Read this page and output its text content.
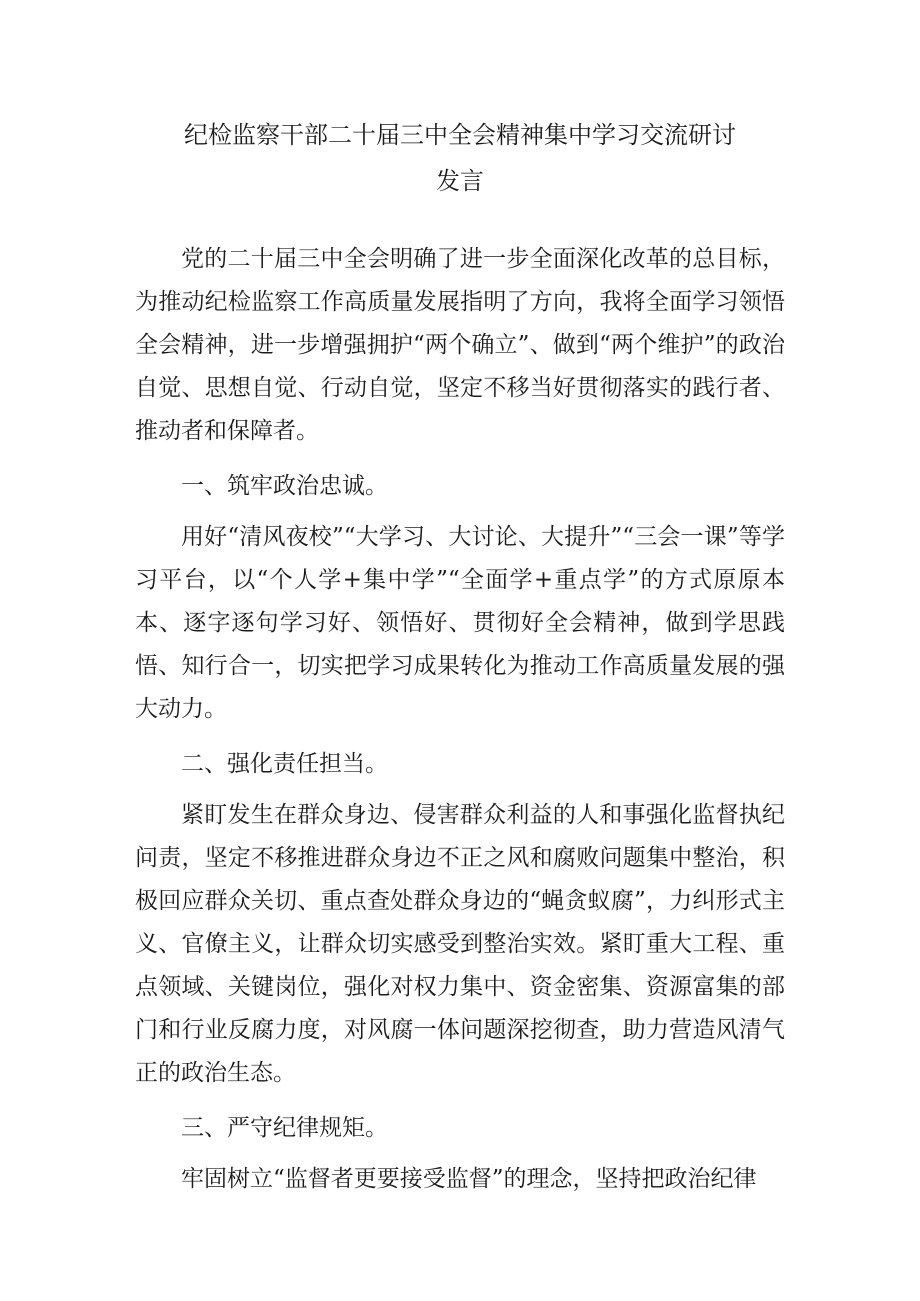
纪检监察干部二十届三中全会精神集中学习交流研讨
发言

党的二十届三中全会明确了进一步全面深化改革的总目标，为推动纪检监察工作高质量发展指明了方向，我将全面学习领悟全会精神，进一步增强拥护“两个确立”、做到“两个维护”的政治自觉、思想自觉、行动自觉，坚定不移当好贯彻落实的践行者、推动者和保障者。

一、筑牢政治忠诚。

用好“清风夜校”“大学习、大讨论、大提升”“三会一课”等学习平台，以“个人学+集中学”“全面学+重点学”的方式原原本本、逐字逐句学习好、领悟好、贯彻好全会精神，做到学思践悟、知行合一，切实把学习成果转化为推动工作高质量发展的强大动力。

二、强化责任担当。

紧盯发生在群众身边、侵害群众利益的人和事强化监督执纪问责，坚定不移推进群众身边不正之风和腐败问题集中整治，积极回应群众关切、重点查处群众身边的“蝇贪蚁腐”，力纠形式主义、官僚主义，让群众切实感受到整治实效。紧盯重大工程、重点领域、关键岗位，强化对权力集中、资金密集、资源富集的部门和行业反腐力度，对风腐一体问题深挖彻查，助力营造风清气正的政治生态。

三、严守纪律规矩。

牢固树立“监督者更要接受监督”的理念，坚持把政治纪律
